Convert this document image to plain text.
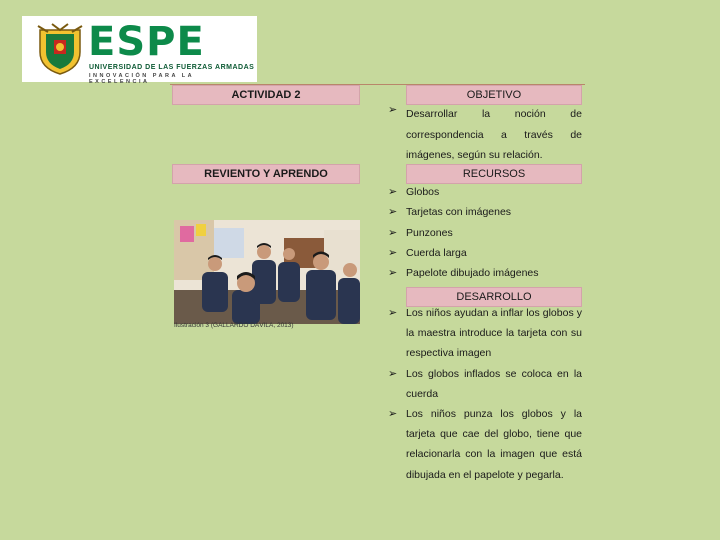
ESPE
UNIVERSIDAD DE LAS FUERZAS ARMADAS
INNOVACIÓN PARA LA EXCELENCIA
ACTIVIDAD 2	OBJETIVO
➢ Desarrollar la noción de correspondencia a través de imágenes, según su relación.
REVIENTO Y APRENDO	RECURSOS
➢ Globos
➢ Tarjetas con imágenes
➢ Punzones
➢ Cuerda larga
➢ Papelote dibujado imágenes
DESARROLLO
➢ Los niños ayudan a inflar los globos y la maestra introduce la tarjeta con su respectiva imagen
➢ Los globos inflados se coloca en la cuerda
➢ Los niños punza los globos y la tarjeta que cae del globo, tiene que relacionarla con la imagen que está dibujada en el papelote y pegarla.
Ilustración 3 (GALLARDO DÁVILA, 2013)
